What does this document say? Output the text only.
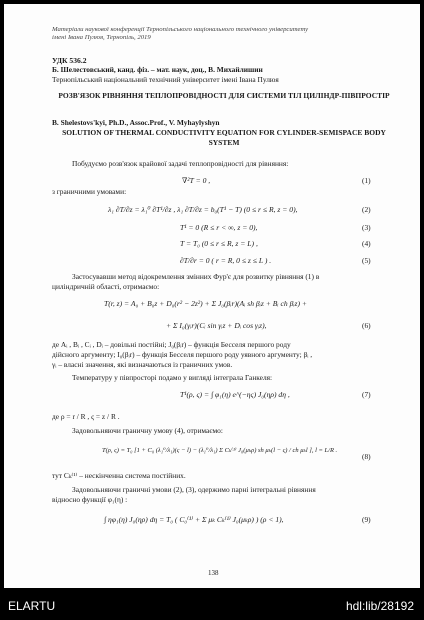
Матеріали наукової конференції Тернопільського національного технічного університету
імені Івана Пулюя, Тернопіль, 2019
УДК 536.2
Б. Шелестовський, канд. фіз. – мат. наук, доц., В. Михайлишин
Тернопільський національний технічний університет імені Івана Пулюя
РОЗВ'ЯЗОК РІВНЯННЯ ТЕПЛОПРОВІДНОСТІ ДЛЯ СИСТЕМИ ТІЛ ЦИЛІНДР-ПІВПРОСТІР
B. Shelestovs'kyi, Ph.D., Assoc.Prof., V. Myhaylyshyn
SOLUTION OF THERMAL CONDUCTIVITY EQUATION FOR CYLINDER-SEMISPACE BODY SYSTEM
Побудуємо розв'язок крайової задачі теплопровідності для рівняння:
∇²T = 0 ,	(1)
з граничними умовами:
λ₁ ∂T/∂z = λ₁⁰ ∂T¹/∂z , λ₁ ∂T/∂z = b₀(T¹ − T) (0 ≤ r ≤ R, z = 0),	(2)
T¹ = 0 (R ≤ r < ∞, z = 0),	(3)
T = T₀ (0 ≤ r ≤ R, z = L) ,	(4)
∂T/∂r = 0 ( r = R, 0 ≤ z ≤ L ) .	(5)
Застосувавши метод відокремлення змінних Фур'є для розвитку рівняння (1) в
циліндричній області, отримаємо:
T(r, z) = A₀ + B₀z + D₀(r² − 2z²) + Σ J₀(βᵢr)(Aᵢ sh βᵢz + Bᵢ ch βᵢz) +
+ Σ I₀(γᵢr)(Cᵢ sin γᵢz + Dᵢ cos γᵢz),	(6)
де Aᵢ , Bᵢ , Cᵢ , Dᵢ – довільні постійні; J₀(βᵢr) – функція Бесселя першого роду
дійсного аргументу; I₀(βᵢr) – функція Бесселя першого роду уявного аргументу; βᵢ ,
γᵢ – власні значення, які визначаються із граничних умов.
Температуру у півпросторі подамо у вигляді інтеграла Ганкеля:
T¹(ρ, ς) = ∫ φ₁(η) e^(−ης) J₀(ηρ) dη ,	(7)
де ρ = r / R , ς = z / R .
Задовольняючи граничну умову (4), отримаємо:
T(ρ, ς) = T₀ [1 + C₀ (λ₁⁰/λ₁)(ς − l) − (λ₁⁰/λ₁) Σ Cₖ⁽¹⁾ J₀(μₖρ) sh μₖ(l − ς) / ch μₖl ], l = L/R .
(8)
тут Cₖ⁽¹⁾ – нескінченна система постійних.
Задовольняючи граничні умови (2), (3), одержимо парні інтегральні рівняння
відносно функції φ₁(η) :
∫ ηφ₁(η) J₀(ηρ) dη = T₀ ( C₀⁽¹⁾ + Σ μₖ Cₖ⁽¹⁾ J₀(μₖρ) ) (ρ < 1),	(9)
138
ELARTU	hdl:lib/28192
